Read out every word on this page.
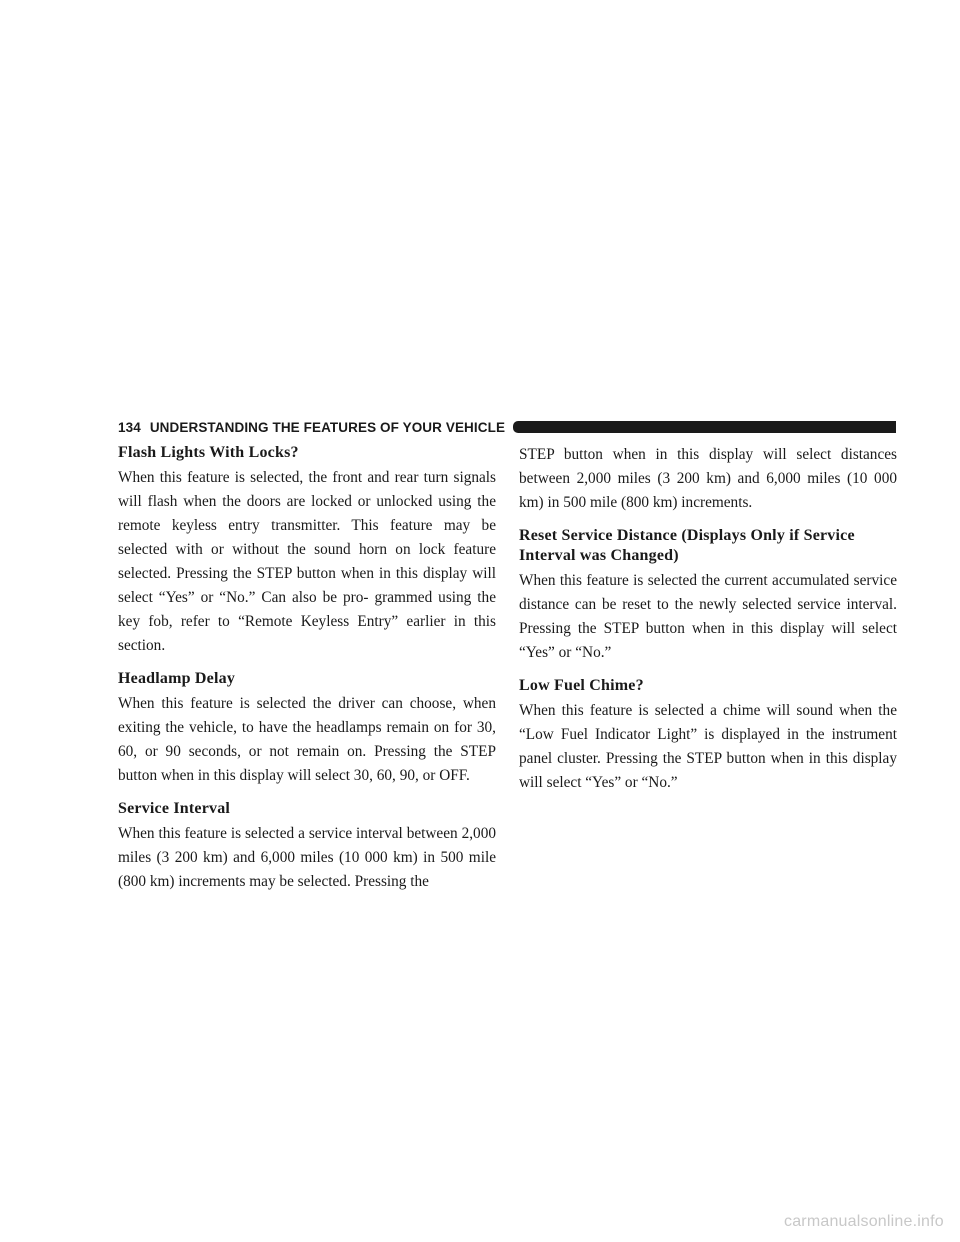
134 UNDERSTANDING THE FEATURES OF YOUR VEHICLE
Flash Lights With Locks?

When this feature is selected, the front and rear turn signals will flash when the doors are locked or unlocked using the remote keyless entry transmitter. This feature may be selected with or without the sound horn on lock feature selected. Pressing the STEP button when in this display will select “Yes” or “No.” Can also be pro- grammed using the key fob, refer to “Remote Keyless Entry” earlier in this section.

Headlamp Delay

When this feature is selected the driver can choose, when exiting the vehicle, to have the headlamps remain on for 30, 60, or 90 seconds, or not remain on. Pressing the STEP button when in this display will select 30, 60, 90, or OFF.

Service Interval

When this feature is selected a service interval between 2,000 miles (3 200 km) and 6,000 miles (10 000 km) in 500 mile (800 km) increments may be selected. Pressing the

STEP button when in this display will select distances between 2,000 miles (3 200 km) and 6,000 miles (10 000 km) in 500 mile (800 km) increments.

Reset Service Distance (Displays Only if Service Interval was Changed)

When this feature is selected the current accumulated service distance can be reset to the newly selected service interval. Pressing the STEP button when in this display will select “Yes” or “No.”

Low Fuel Chime?

When this feature is selected a chime will sound when the “Low Fuel Indicator Light” is displayed in the instrument panel cluster. Pressing the STEP button when in this display will select “Yes” or “No.”

carmanualsonline.info
